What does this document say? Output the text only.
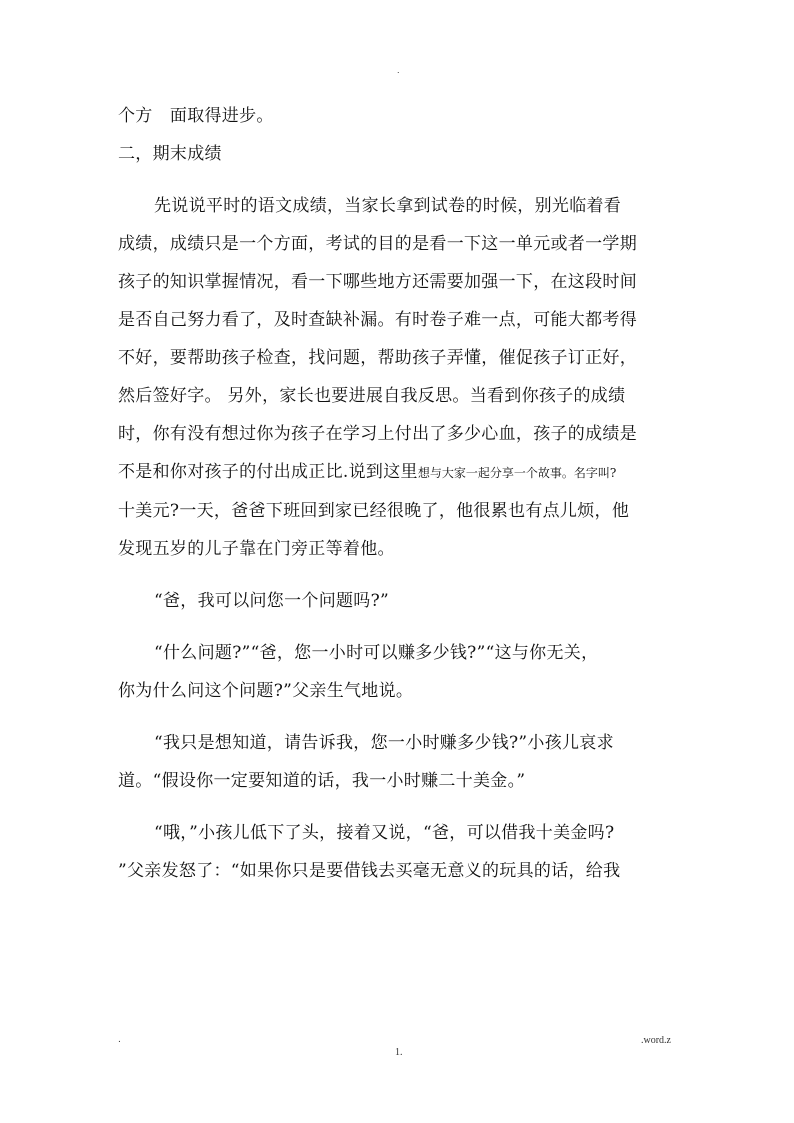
.
个方　面取得进步。
二，期末成绩
先说说平时的语文成绩，当家长拿到试卷的时候，别光临着看
成绩，成绩只是一个方面，考试的目的是看一下这一单元或者一学期
孩子的知识掌握情况，看一下哪些地方还需要加强一下，在这段时间
是否自己努力看了，及时查缺补漏。有时卷子难一点，可能大都考得
不好，要帮助孩子检查，找问题，帮助孩子弄懂，催促孩子订正好，
然后签好字。 另外，家长也要进展自我反思。当看到你孩子的成绩
时，你有没有想过你为孩子在学习上付出了多少心血，孩子的成绩是
不是和你对孩子的付出成正比.说到这里想与大家一起分享一个故事。名字叫?
十美元?一天，爸爸下班回到家已经很晚了，他很累也有点儿烦，他
发现五岁的儿子靠在门旁正等着他。
“爸，我可以问您一个问题吗?”
“什么问题?”“爸，您一小时可以赚多少钱?”“这与你无关，
你为什么问这个问题?”父亲生气地说。
“我只是想知道，请告诉我，您一小时赚多少钱?”小孩儿哀求
道。“假设你一定要知道的话，我一小时赚二十美金。”
“哦，”小孩儿低下了头，接着又说，“爸，可以借我十美金吗?
”父亲发怒了：“如果你只是要借钱去买毫无意义的玩具的话，给我
.	.word.z
1.
